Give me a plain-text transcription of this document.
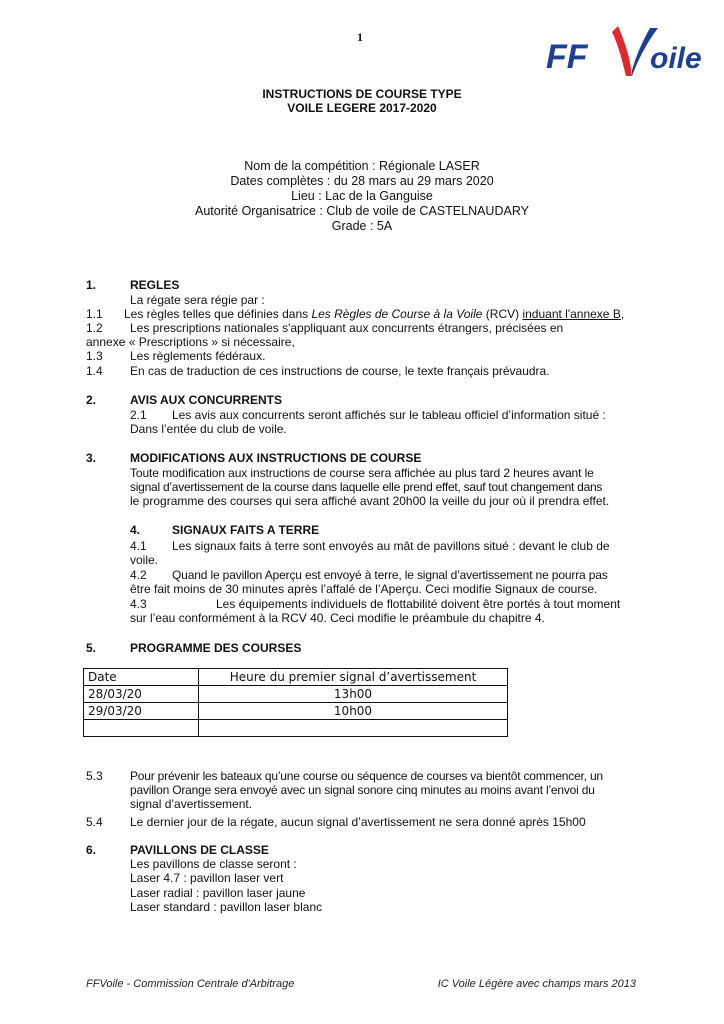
1
FF oile
INSTRUCTIONS DE COURSE TYPE
VOILE LEGERE 2017-2020
Nom de la compétition : Régionale LASER
Dates complètes : du 28 mars au 29 mars 2020
Lieu : Lac de la Ganguise
Autorité Organisatrice : Club de voile de CASTELNAUDARY
Grade : 5A
1.	REGLES
La régate sera régie par :
1.1 Les règles telles que définies dans Les Règles de Course à la Voile (RCV) induant l'annexe B,
1.2 Les prescriptions nationales s'appliquant aux concurrents étrangers, précisées en
annexe « Prescriptions » si nécessaire,
1.3 Les règlements fédéraux.
1.4 En cas de traduction de ces instructions de course, le texte français prévaudra.
2.	AVIS AUX CONCURRENTS
2.1 Les avis aux concurrents seront affichés sur le tableau officiel d’information situé :
Dans l’entée du club de voile.
3.	MODIFICATIONS AUX INSTRUCTIONS DE COURSE
Toute modification aux instructions de course sera affichée au plus tard 2 heures avant le
signal d’avertissement de la course dans laquelle elle prend effet, sauf tout changement dans
le programme des courses qui sera affiché avant 20h00 la veille du jour où il prendra effet.
4.	SIGNAUX FAITS A TERRE
4.1 Les signaux faits à terre sont envoyés au mât de pavillons situé : devant le club de
voile.
4.2 Quand le pavillon Aperçu est envoyé à terre, le signal d’avertissement ne pourra pas
être fait moins de 30 minutes après l’affalé de l’Aperçu. Ceci modifie Signaux de course.
4.3	Les équipements individuels de flottabilité doivent être portés à tout moment
sur l’eau conformément à la RCV 40. Ceci modifie le préambule du chapitre 4.
5.	PROGRAMME DES COURSES
Date	Heure du premier signal d’avertissement
28/03/20	13h00
29/03/20	10h00

5.3 Pour prévenir les bateaux qu’une course ou séquence de courses va bientôt commencer, un
pavillon Orange sera envoyé avec un signal sonore cinq minutes au moins avant l’envoi du
signal d’avertissement.
5.4 Le dernier jour de la régate, aucun signal d’avertissement ne sera donné après 15h00
6.	PAVILLONS DE CLASSE
Les pavillons de classe seront :
Laser 4.7 : pavillon laser vert
Laser radial : pavillon laser jaune
Laser standard : pavillon laser blanc
FFVoile - Commission Centrale d'Arbitrage	IC Voile Légère avec champs mars 2013
